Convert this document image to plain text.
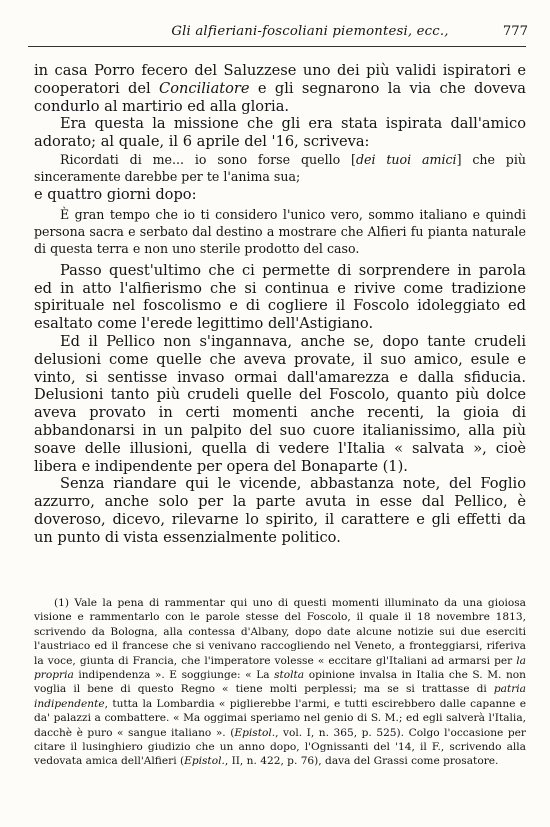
Gli alfieriani-foscoliani piemontesi, ecc.,	777

in casa Porro fecero del Saluzzese uno dei più validi ispiratori e cooperatori del Conciliatore e gli segnarono la via che doveva condurlo al martirio ed alla gloria.

Era questa la missione che gli era stata ispirata dall'amico adorato; al quale, il 6 aprile del '16, scriveva:

Ricordati di me... io sono forse quello [dei tuoi amici] che più sinceramente darebbe per te l'anima sua;

e quattro giorni dopo:

È gran tempo che io ti considero l'unico vero, sommo italiano e quindi persona sacra e serbato dal destino a mostrare che Alfieri fu pianta naturale di questa terra e non uno sterile prodotto del caso.

Passo quest'ultimo che ci permette di sorprendere in parola ed in atto l'alfierismo che si continua e rivive come tradizione spirituale nel foscolismo e di cogliere il Foscolo idoleggiato ed esaltato come l'erede legittimo dell'Astigiano.

Ed il Pellico non s'ingannava, anche se, dopo tante crudeli delusioni come quelle che aveva provate, il suo amico, esule e vinto, si sentisse invaso ormai dall'amarezza e dalla sfiducia. Delusioni tanto più crudeli quelle del Foscolo, quanto più dolce aveva provato in certi momenti anche recenti, la gioia di abbandonarsi in un palpito del suo cuore italianissimo, alla più soave delle illusioni, quella di vedere l'Italia « salvata », cioè libera e indipendente per opera del Bonaparte (1).

Senza riandare qui le vicende, abbastanza note, del Foglio azzurro, anche solo per la parte avuta in esse dal Pellico, è doveroso, dicevo, rilevarne lo spirito, il carattere e gli effetti da un punto di vista essenzialmente politico.

(1) Vale la pena di rammentar qui uno di questi momenti illuminato da una gioiosa visione e rammentarlo con le parole stesse del Foscolo, il quale il 18 novembre 1813, scrivendo da Bologna, alla contessa d'Albany, dopo date alcune notizie sui due eserciti l'austriaco ed il francese che si venivano raccogliendo nel Veneto, a fronteggiarsi, riferiva la voce, giunta di Francia, che l'imperatore volesse « eccitare gl'Italiani ad armarsi per la propria indipendenza ». E soggiunge: « La stolta opinione invalsa in Italia che S. M. non voglia il bene di questo Regno « tiene molti perplessi; ma se si trattasse di patria indipendente, tutta la Lombardia « piglierebbe l'armi, e tutti escirebbero dalle capanne e da' palazzi a combattere. « Ma oggimai speriamo nel genio di S. M.; ed egli salverà l'Italia, dacchè è puro « sangue italiano ». (Epistol., vol. I, n. 365, p. 525). Colgo l'occasione per citare il lusinghiero giudizio che un anno dopo, l'Ognissanti del '14, il F., scrivendo alla vedovata amica dell'Alfieri (Epistol., II, n. 422, p. 76), dava del Grassi come prosatore.
